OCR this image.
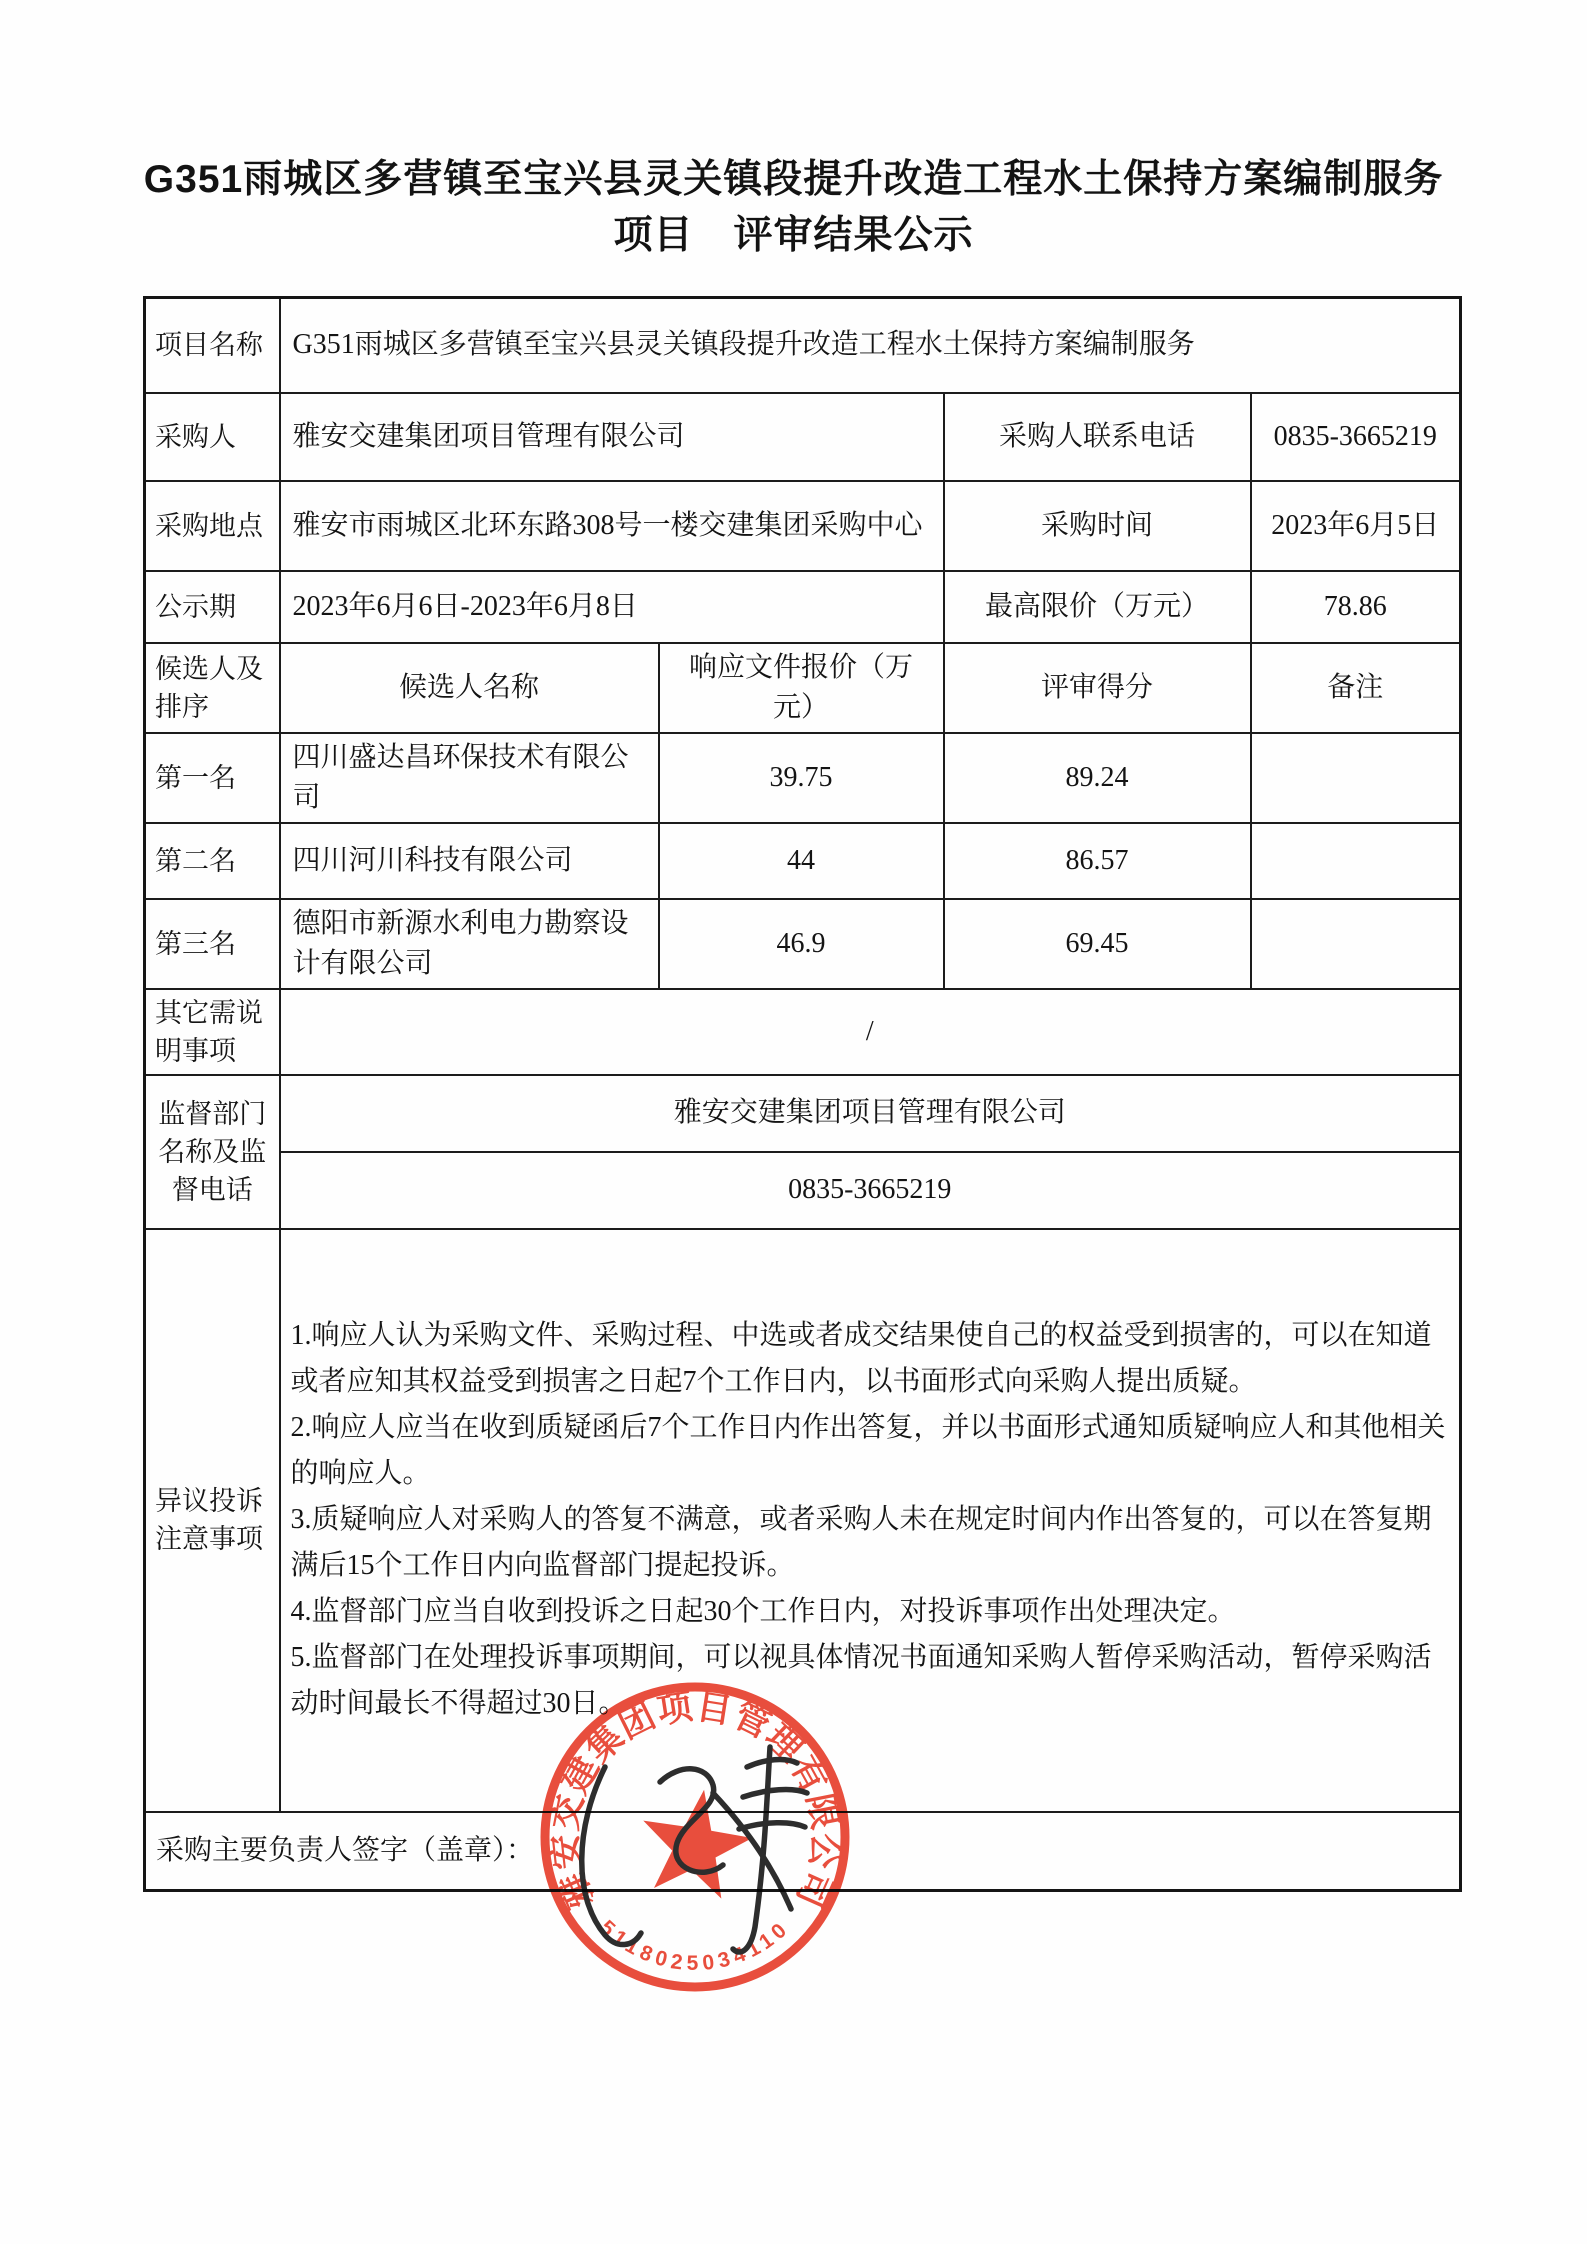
G351雨城区多营镇至宝兴县灵关镇段提升改造工程水土保持方案编制服务
项目　评审结果公示
项目名称	G351雨城区多营镇至宝兴县灵关镇段提升改造工程水土保持方案编制服务			
采购人	雅安交建集团项目管理有限公司		采购人联系电话	0835-3665219
采购地点	雅安市雨城区北环东路308号一楼交建集团采购中心		采购时间	2023年6月5日
公示期	2023年6月6日-2023年6月8日		最高限价（万元）	78.86
候选人及排序	候选人名称	响应文件报价（万元）	评审得分	备注
第一名	四川盛达昌环保技术有限公司	39.75	89.24	
第二名	四川河川科技有限公司	44	86.57	
第三名	德阳市新源水利电力勘察设计有限公司	46.9	69.45	
其它需说明事项	/			
监督部门名称及监督电话	雅安交建集团项目管理有限公司			
	0835-3665219			
异议投诉注意事项	1.响应人认为采购文件、采购过程、中选或者成交结果使自己的权益受到损害的，可以在知道或者应知其权益受到损害之日起7个工作日内，以书面形式向采购人提出质疑。
2.响应人应当在收到质疑函后7个工作日内作出答复，并以书面形式通知质疑响应人和其他相关的响应人。
3.质疑响应人对采购人的答复不满意，或者采购人未在规定时间内作出答复的，可以在答复期满后15个工作日内向监督部门提起投诉。
4.监督部门应当自收到投诉之日起30个工作日内，对投诉事项作出处理决定。
5.监督部门在处理投诉事项期间，可以视具体情况书面通知采购人暂停采购活动，暂停采购活动时间最长不得超过30日。			

采购主要负责人签字（盖章）：				
雅安交建集团项目管理有限公司
5118025034110
